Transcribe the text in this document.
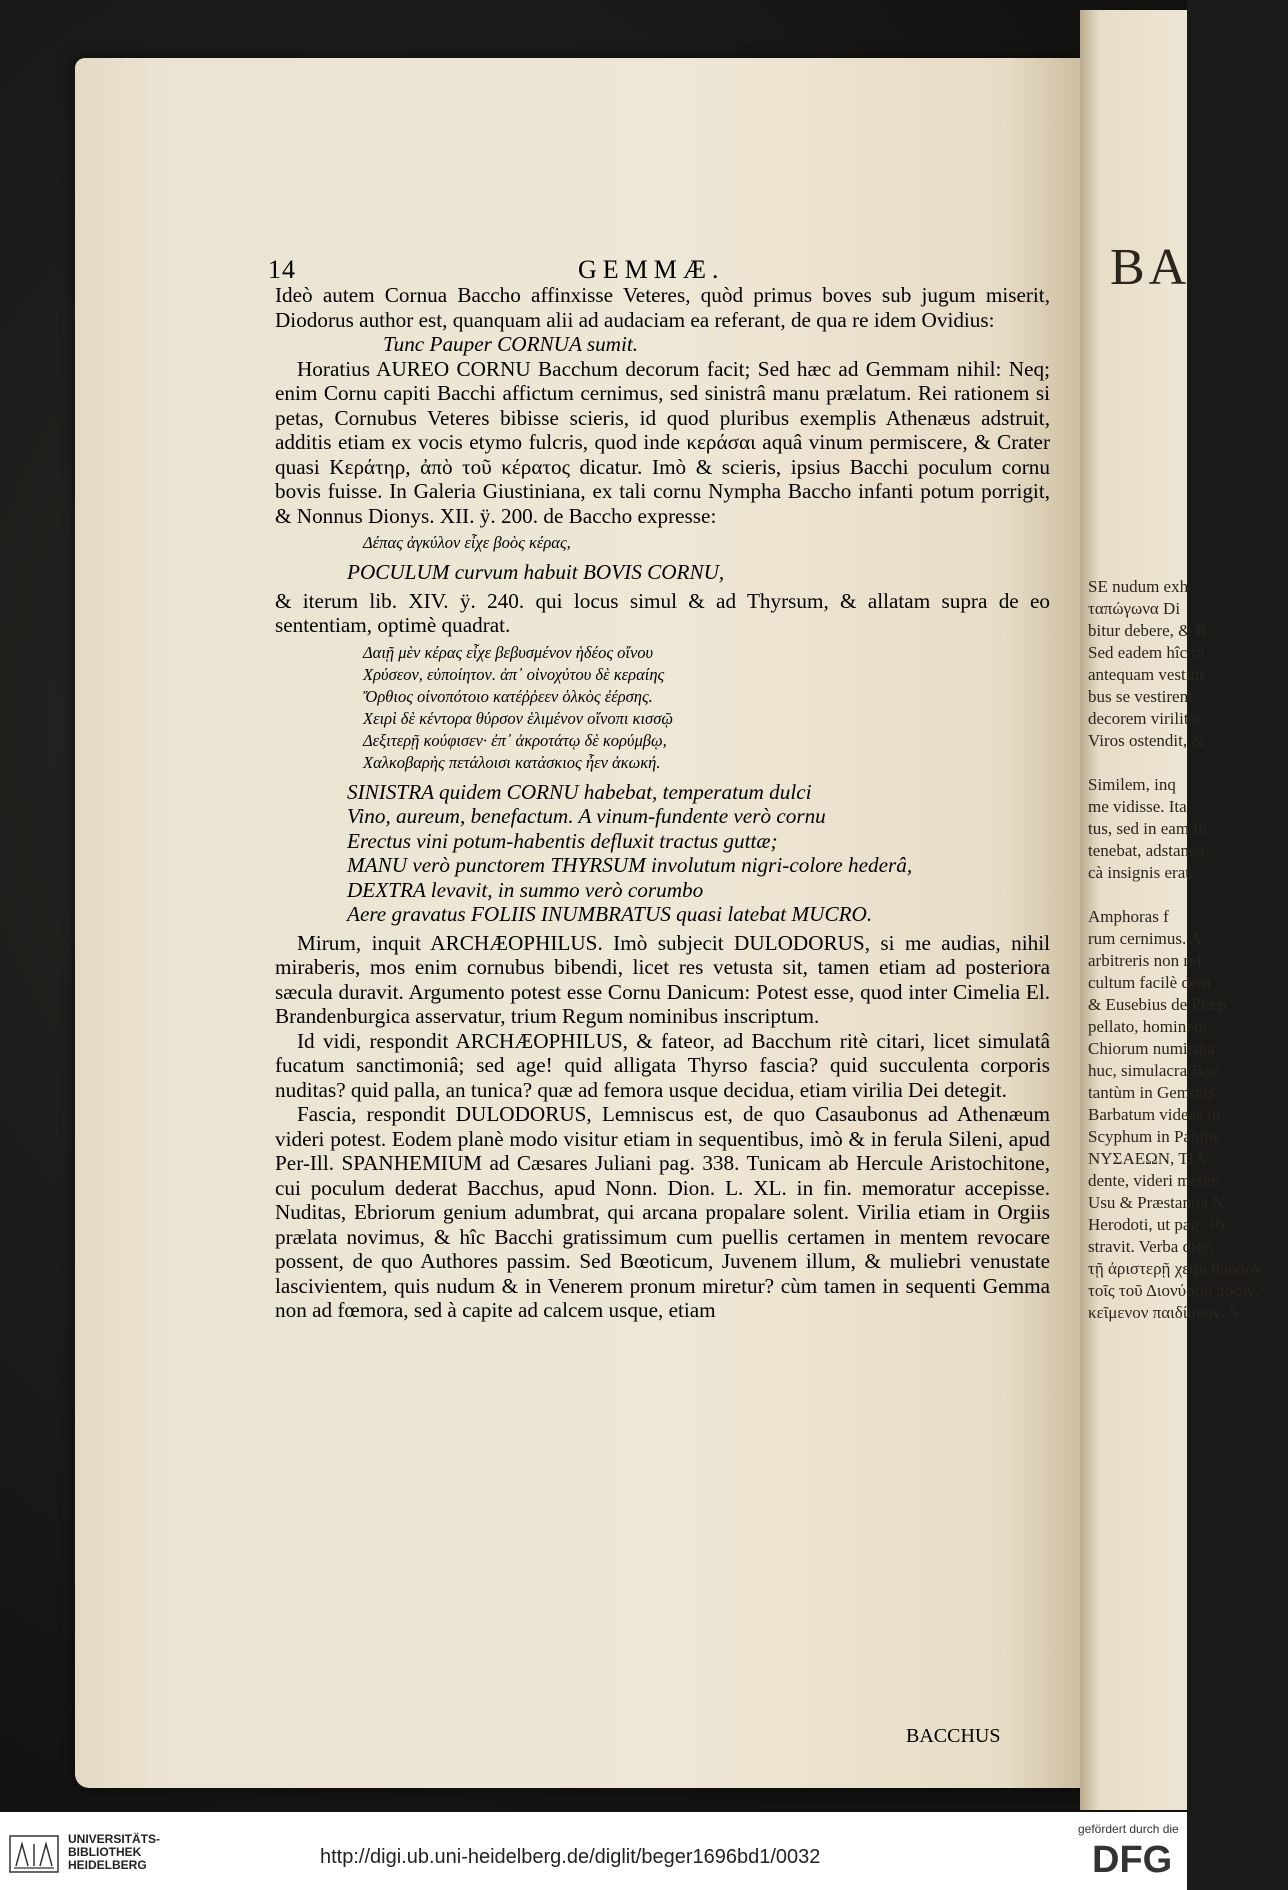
14	GEMMÆ.

Ideò autem Cornua Baccho affinxisse Veteres, quòd primus boves sub jugum miserit, Diodorus author est, quanquam alii ad audaciam ea referant, de qua re idem Ovidius:

Tunc Pauper CORNUA sumit.

Horatius AUREO CORNU Bacchum decorum facit; Sed hæc ad Gemmam nihil: Neq; enim Cornu capiti Bacchi affictum cernimus, sed sinistrâ manu prælatum. Rei rationem si petas, Cornubus Veteres bibisse scieris, id quod pluribus exemplis Athenæus adstruit, additis etiam ex vocis etymo fulcris, quod inde κεράσαι aquâ vinum permiscere, & Crater quasi Κεράτηρ, ἀπὸ τοῦ κέρατος dicatur. Imò & scieris, ipsius Bacchi poculum cornu bovis fuisse. In Galeria Giustiniana, ex tali cornu Nympha Baccho infanti potum porrigit, & Nonnus Dionys. XII. ÿ. 200. de Baccho expresse:

Δέπας ἀγκύλον εἶχε βοὸς κέρας,
POCULUM curvum habuit BOVIS CORNU,

& iterum lib. XIV. ÿ. 240. qui locus simul & ad Thyrsum, & allatam supra de eo sententiam, optimè quadrat.

Δαιῇ μὲν κέρας εἶχε βεβυσμένον ἡδέος οἴνου
Χρύσεον, εὐποίητον. ἀπ᾽ οἰνοχύτου δὲ κεραίης
Ὄρθιος οἰνοπότοιο κατέῤῥεεν ὁλκὸς ἐέρσης.
Χειρὶ δὲ κέντορα θύρσον ἑλιμένον οἴνοπι κισσῷ
Δεξιτερῇ κούφισεν· ἐπ᾽ ἀκροτάτῳ δὲ κορύμβῳ,
Χαλκοβαρὴς πετάλοισι κατάσκιος ἦεν ἀκωκή.
SINISTRA quidem CORNU habebat, temperatum dulci
Vino, aureum, benefactum. A vinum-fundente verò cornu
Erectus vini potum-habentis defluxit tractus guttæ;
MANU verò punctorem THYRSUM involutum nigri-colore hederâ,
DEXTRA levavit, in summo verò corumbo
Aere gravatus FOLIIS INUMBRATUS quasi latebat MUCRO.

Mirum, inquit ARCHÆOPHILUS. Imò subjecit DULODORUS, si me audias, nihil miraberis, mos enim cornubus bibendi, licet res vetusta sit, tamen etiam ad posteriora sæcula duravit. Argumento potest esse Cornu Danicum: Potest esse, quod inter Cimelia El. Brandenburgica asservatur, trium Regum nominibus inscriptum.

Id vidi, respondit ARCHÆOPHILUS, & fateor, ad Bacchum ritè citari, licet simulatâ fucatum sanctimoniâ; sed age! quid alligata Thyrso fascia? quid succulenta corporis nuditas? quid palla, an tunica? quæ ad femora usque decidua, etiam virilia Dei detegit.

Fascia, respondit DULODORUS, Lemniscus est, de quo Casaubonus ad Athenæum videri potest. Eodem planè modo visitur etiam in sequentibus, imò & in ferula Sileni, apud Per-Ill. SPANHEMIUM ad Cæsares Juliani pag. 338. Tunicam ab Hercule Aristochitone, cui poculum dederat Bacchus, apud Nonn. Dion. L. XL. in fin. memoratur accepisse. Nuditas, Ebriorum genium adumbrat, qui arcana propalare solent. Virilia etiam in Orgiis prælata novimus, & hîc Bacchi gratissimum cum puellis certamen in mentem revocare possent, de quo Authores passim. Sed Bœoticum, Juvenem illum, & muliebri venustate lascivientem, quis nudum & in Venerem pronum miretur? cùm tamen in sequenti Gemma non ad fœmora, sed à capite ad calcem usque, etiam

BACCHUS
BA
SE nudum exh
ταπώγωνα Di
bitur debere, & B
Sed eadem hîc ra
antequam vestim
bus se vestirent;
decorem virilitat
Viros ostendit, &

Similem, inq
me vidisse. Ita
tus, sed in eam in
tenebat, adstansq
cà insignis erat.

Amphoras f
rum cernimus. A
arbitreris non ref
cultum facilè dem
& Eusebius de Præp
pellato, hominem
Chiorum numisma
huc, simulacra Bac
tantùm in Gemmis
Barbatum videas in
Scyphum in Panthe
ΝΥΣΑΕΩΝ, ΤΙΑ
dente, videri meren
Usu & Præstantia N
Herodoti, ut pag. 16
stravit. Verba dign
τῇ ἀριστερῇ χειρὶ θύρσον
τοῖς τοῦ Διονύσου ποσίν.
κεῖμενον παιδίσκον. S
UNIVERSITÄTS-
BIBLIOTHEK
HEIDELBERG	http://digi.ub.uni-heidelberg.de/diglit/beger1696bd1/0032
gefördert durch die
DFG
